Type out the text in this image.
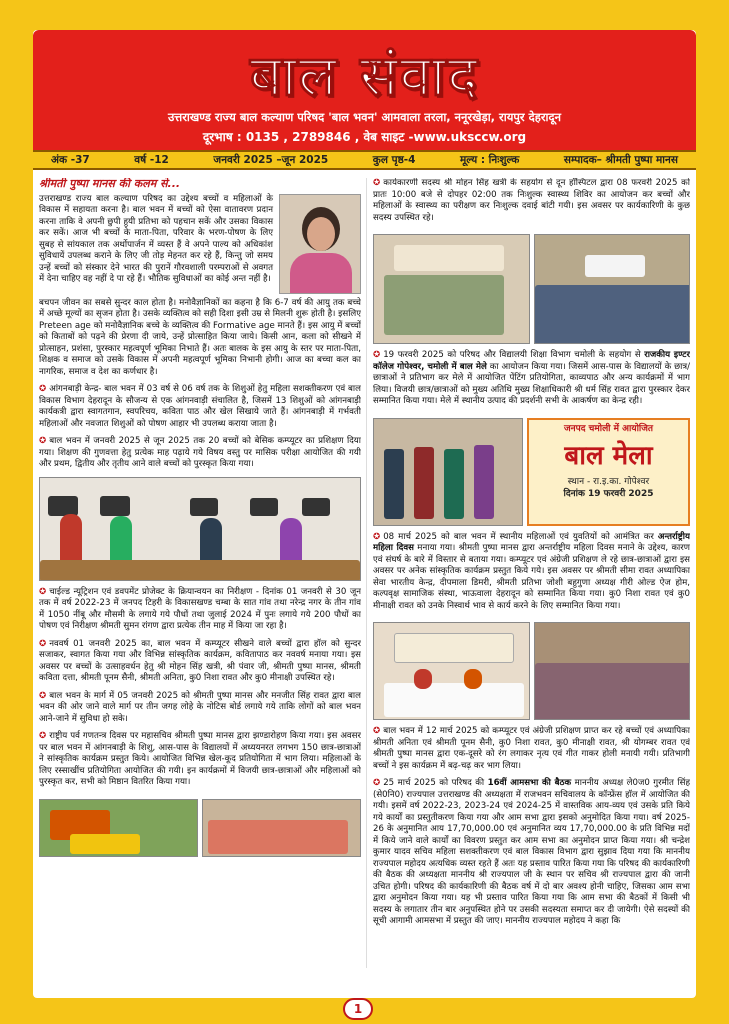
बाल संवाद
उत्तराखण्ड राज्य बाल कल्याण परिषद 'बाल भवन' आमवाला तरला, ननूरखेड़ा, रायपुर देहरादून
दूरभाष : 0135 , 2789846 , वेब साइट -www.ukscсw.org
अंक -37	वर्ष -12	जनवरी 2025 –जून 2025	कुल पृष्ठ-4	मूल्य : निःशुल्क	सम्पादक– श्रीमती पुष्पा मानस
श्रीमती पुष्पा मानस की कलम से...

उत्तराखण्ड राज्य बाल कल्याण परिषद का उद्देश्य बच्चों व महिलाओं के विकास में सहायता करना है। बाल भवन में बच्चों को ऐसा वातावरण प्रदान करना ताकि वे अपनी छुपी हुयी प्रतिभा को पहचान सकें और उसका विकास कर सकें। आज भी बच्चों के माता-पिता, परिवार के भरण-पोषण के लिए सुबह से सांयकाल तक अर्थोपार्जन में व्यस्त हैं वे अपने पाल्य को अधिकांश सुविधायें उपलब्ध कराने के लिए जी तोड़ मेहनत कर रहे हैं, किन्तु जो समय उन्हें बच्चों को संस्कार देने भारत की पुरानें गौरवशाली परम्पराओं से अवगत में देना चाहिए वह नहीं दे पा रहे हैं। भौतिक सुविधाओं का कोई अन्त नहीं है।

बचपन जीवन का सबसे सुन्दर काल होता है। मनोवैज्ञानिकों का कहना है कि 6-7 वर्ष की आयु तक बच्चे में अच्छे मूल्यों का सृजन होता है। उसके व्यक्तित्व को सही दिशा इसी उम्र से मिलनी शुरू होती है। इसलिए Preteen age को मनोवैज्ञानिक बच्चे के व्यक्तित्व की Formative age मानते हैं। इस आयु में बच्चों को किताबों को पढ़ने की प्रेरणा दी जाये, उन्हें प्रोत्साहित किया जाये। किसी आन, कला को सीखने में प्रोत्साहन, प्रशंसा, पुरस्कार महत्वपूर्ण भूमिका निभाते हैं। अतः बालक के इस आयु के स्तर पर माता-पिता, शिक्षक व समाज को उसके विकास में अपनी महत्वपूर्ण भूमिका निभानी होगी। आज का बच्चा कल का नागरिक, समाज व देश का कर्णधार है।

✪ आंगनबाड़ी केन्द्र- बाल भवन में 03 वर्ष से 06 वर्ष तक के शिशुओं हेतु महिला सशक्तीकरण एवं बाल विकास विभाग देहरादून के सौजन्य से एक आंगनवाड़ी संचालित है, जिसमें 13 शिशुओं को आंगनबाड़ी कार्यकत्री द्वारा स्वागतगान, स्वपरिचय, कविता पाठ और खेल सिखाये जाते हैं। आंगनबाड़ी में गर्भवती महिलाओं और नवजात शिशुओं को पोषण आहार भी उपलब्ध कराया जाता है।

✪ बाल भवन में जनवरी 2025 से जून 2025 तक 20 बच्चों को बेसिक कम्प्यूटर का प्रशिक्षण दिया गया। शिक्षण की गुणवत्ता हेतु प्रत्येक माह पढ़ाये गये विषय वस्तु पर मासिक परीक्षा आयोजित की गयी और प्रथम, द्वितीय और तृतीय आने वाले बच्चों को पुरस्कृत किया गया।

✪ चाईल्ड न्यूट्रिशन एवं डवपमेंट प्रोजेक्ट के क्रियान्वयन का निरीक्षण - दिनांक 01 जनवरी से 30 जून तक में वर्ष 2022-23 में जनपद टिहरी के विकासखण्ड चम्बा के सात गांव तथा नरेन्द्र नगर के तीन गांव में 1050 नींबू और मौसमी के लगाये गये पौधों तथा जुलाई 2024 में पुनः लगाये गये 200 पौधों का पोषण एवं निरीक्षण श्रीमती सुमन रांगण द्वारा प्रत्येक तीन माह में किया जा रहा है।

✪ नववर्ष 01 जनवरी 2025 का, बाल भवन में कम्प्यूटर सीखने वाले बच्चों द्वारा हॉल को सुन्दर सजाकर, स्वागत किया गया और विभिन्न सांस्कृतिक कार्यक्रम, कवितापाठ कर नववर्ष मनाया गया। इस अवसर पर बच्चों के उत्साहवर्धन हेतु श्री मोहन सिंह खत्री, श्री पंवार जी, श्रीमती पुष्पा मानस, श्रीमती कविता दत्ता, श्रीमती पूनम सैनी, श्रीमती अनिता, कु0 निशा रावत और कु0 मीनाक्षी उपस्थित रहे।

✪ बाल भवन के मार्ग में 05 जनवरी 2025 को श्रीमती पुष्पा मानस और मनजीत सिंह रावत द्वारा बाल भवन की ओर जाने वाले मार्ग पर तीन जगह लोहे के नोटिस बोर्ड लगाये गये ताकि लोगों को बाल भवन आने-जाने में सुविधा हो सके।

✪ राष्ट्रीय पर्व गणतन्त्र दिवस पर महासचिव श्रीमती पुष्पा मानस द्वारा झण्डारोहण किया गया। इस अवसर पर बाल भवन में आंगनबाड़ी के शिशु, आस-पास के विद्यालयों में अध्ययनरत लगभग 150 छात्र-छात्राओं ने सांस्कृतिक कार्यक्रम प्रस्तुत किये। आयोजित विभिन्न खेल-कूद प्रतियोगिता में भाग लिया। महिलाओं के लिए रस्साखींच प्रतियोगिता आयोजित की गयी। इन कार्यक्रमों में विजयी छात्र-छात्राओं और महिलाओं को पुरस्कृत कर, सभी को मिष्ठान वितरित किया गया।

✪ कार्यकारणी सदस्य श्री मोहन सिंह खत्री के सहयोग से दून हॉस्पिटल द्वारा 08 फरवरी 2025 को प्रातः 10:00 बजे से दोपहर 02:00 तक निःशुल्क स्वास्थ्य शिविर का आयोजन कर बच्चों और महिलाओं के स्वास्थ्य का परीक्षण कर निःशुल्क दवाई बांटी गयी। इस अवसर पर कार्यकारिणी के कुछ सदस्य उपस्थित रहे।

✪ 19 फरवरी 2025 को परिषद और विद्यालयी शिक्षा विभाग चमोली के सहयोग से राजकीय इण्टर कॉलेज गोपेश्वर, चमोली में बाल मेले का आयोजन किया गया। जिसमें आस-पास के विद्यालयों के छात्र/छात्राओं ने प्रतिभाग कर मेले में आयोजित पेंटिंग प्रतियोगिता, काव्यपाठ और अन्य कार्यक्रमों में भाग लिया। विजयी छात्र/छात्राओं को मुख्य अतिथि मुख्य शिक्षाधिकारी श्री धर्म सिंह रावत द्वारा पुरस्कार देकर सम्मानित किया गया। मेले में स्थानीय उत्पाद की प्रदर्शनी सभी के आकर्षण का केन्द्र रही।

जनपद चमोली में आयोजित
बाल मेला
स्थान - रा.इ.का. गोपेश्वर
दिनांक 19 फरवरी 2025

✪ 08 मार्च 2025 को बाल भवन में स्थानीय महिलाओं एवं युवतियों को आमंत्रित कर अन्तर्राष्ट्रीय महिला दिवस मनाया गया। श्रीमती पुष्पा मानस द्वारा अन्तर्राष्ट्रीय महिला दिवस मनाने के उद्देश्य, कारण एवं संघर्ष के बारे में विस्तार से बताया गया। कम्प्यूटर एवं अंग्रेजी प्रशिक्षण ले रहे छात्र-छात्राओं द्वारा इस अवसर पर अनेक सांस्कृतिक कार्यक्रम प्रस्तुत किये गये। इस अवसर पर श्रीमती सीमा रावत अध्यापिका सेवा भारतीय केन्द्र, दीपमाला डिमरी, श्रीमती प्रतिभा जोशी बहुगुणा अध्यक्ष गीरी ओल्ड ऐज होम, कल्पवृक्ष सामाजिक संस्था, भाऊवाला देहरादून को सम्मानित किया गया। कु0 निशा रावत एवं कु0 मीनाक्षी रावत को उनके निस्वार्थ भाव से कार्य करने के लिए सम्मानित किया गया।

✪ बाल भवन में 12 मार्च 2025 को कम्प्यूटर एवं अंग्रेजी प्रशिक्षण प्राप्त कर रहे बच्चों एवं अध्यापिका श्रीमती अनिता एवं श्रीमती पूनम सैनी, कु0 निशा रावत, कु0 मीनाक्षी रावत, श्री योगम्बर रावत एवं श्रीमती पुष्पा मानस द्वारा एक-दूसरे को रंग लगाकर नृत्य एवं गीत गाकर होली मनायी गयी। प्रतिभागी बच्चों ने इस कार्यक्रम में बढ़-चढ़ कर भाग लिया।

✪ 25 मार्च 2025 को परिषद की 16वीं आमसभा की बैठक माननीय अध्यक्ष ले0ज0 गुरमीत सिंह (से0नि0) राज्यपाल उत्तराखण्ड की अध्यक्षता में राजभवन सचिवालय के कॉन्फ्रेंस हॉल में आयोजित की गयी। इसमें वर्ष 2022-23, 2023-24 एवं 2024-25 में वास्तविक आय-व्यय एवं उसके प्रति किये गये कार्यों का प्रस्तुतीकरण किया गया और आम सभा द्वारा इसको अनुमोदित किया गया। वर्ष 2025-26 के अनुमानित आय 17,70,000.00 एवं अनुमानित व्यय 17,70,000.00 के प्रति विभिन्न मदों में किये जाने वाले कार्यों का विवरण प्रस्तुत कर आम सभा का अनुमोदन प्राप्त किया गया। श्री चन्द्रेश कुमार यादव सचिव महिला सशक्तीकरण एवं बाल विकास विभाग द्वारा सुझाव दिया गया कि माननीय राज्यपाल महोदय अत्यधिक व्यस्त रहते हैं अतः यह प्रस्ताव पारित किया गया कि परिषद की कार्यकारिणी की बैठक की अध्यक्षता माननीय श्री राज्यपाल जी के स्थान पर सचिव श्री राज्यपाल द्वारा की जानी उचित होगी। परिषद की कार्यकारिणी की बैठक वर्ष में दो बार अवश्य होनी चाहिए, जिसका आम सभा द्वारा अनुमोदन किया गया। यह भी प्रस्ताव पारित किया गया कि आम सभा की बैठकों में किसी भी सदस्य के लगातार तीन बार अनुपस्थित होने पर उसकी सदस्यता समाप्त कर दी जायेगी। ऐसे सदस्यों की सूची आगामी आमसभा में प्रस्तुत की जाए। माननीय राज्यपाल महोदय ने कहा कि

1
